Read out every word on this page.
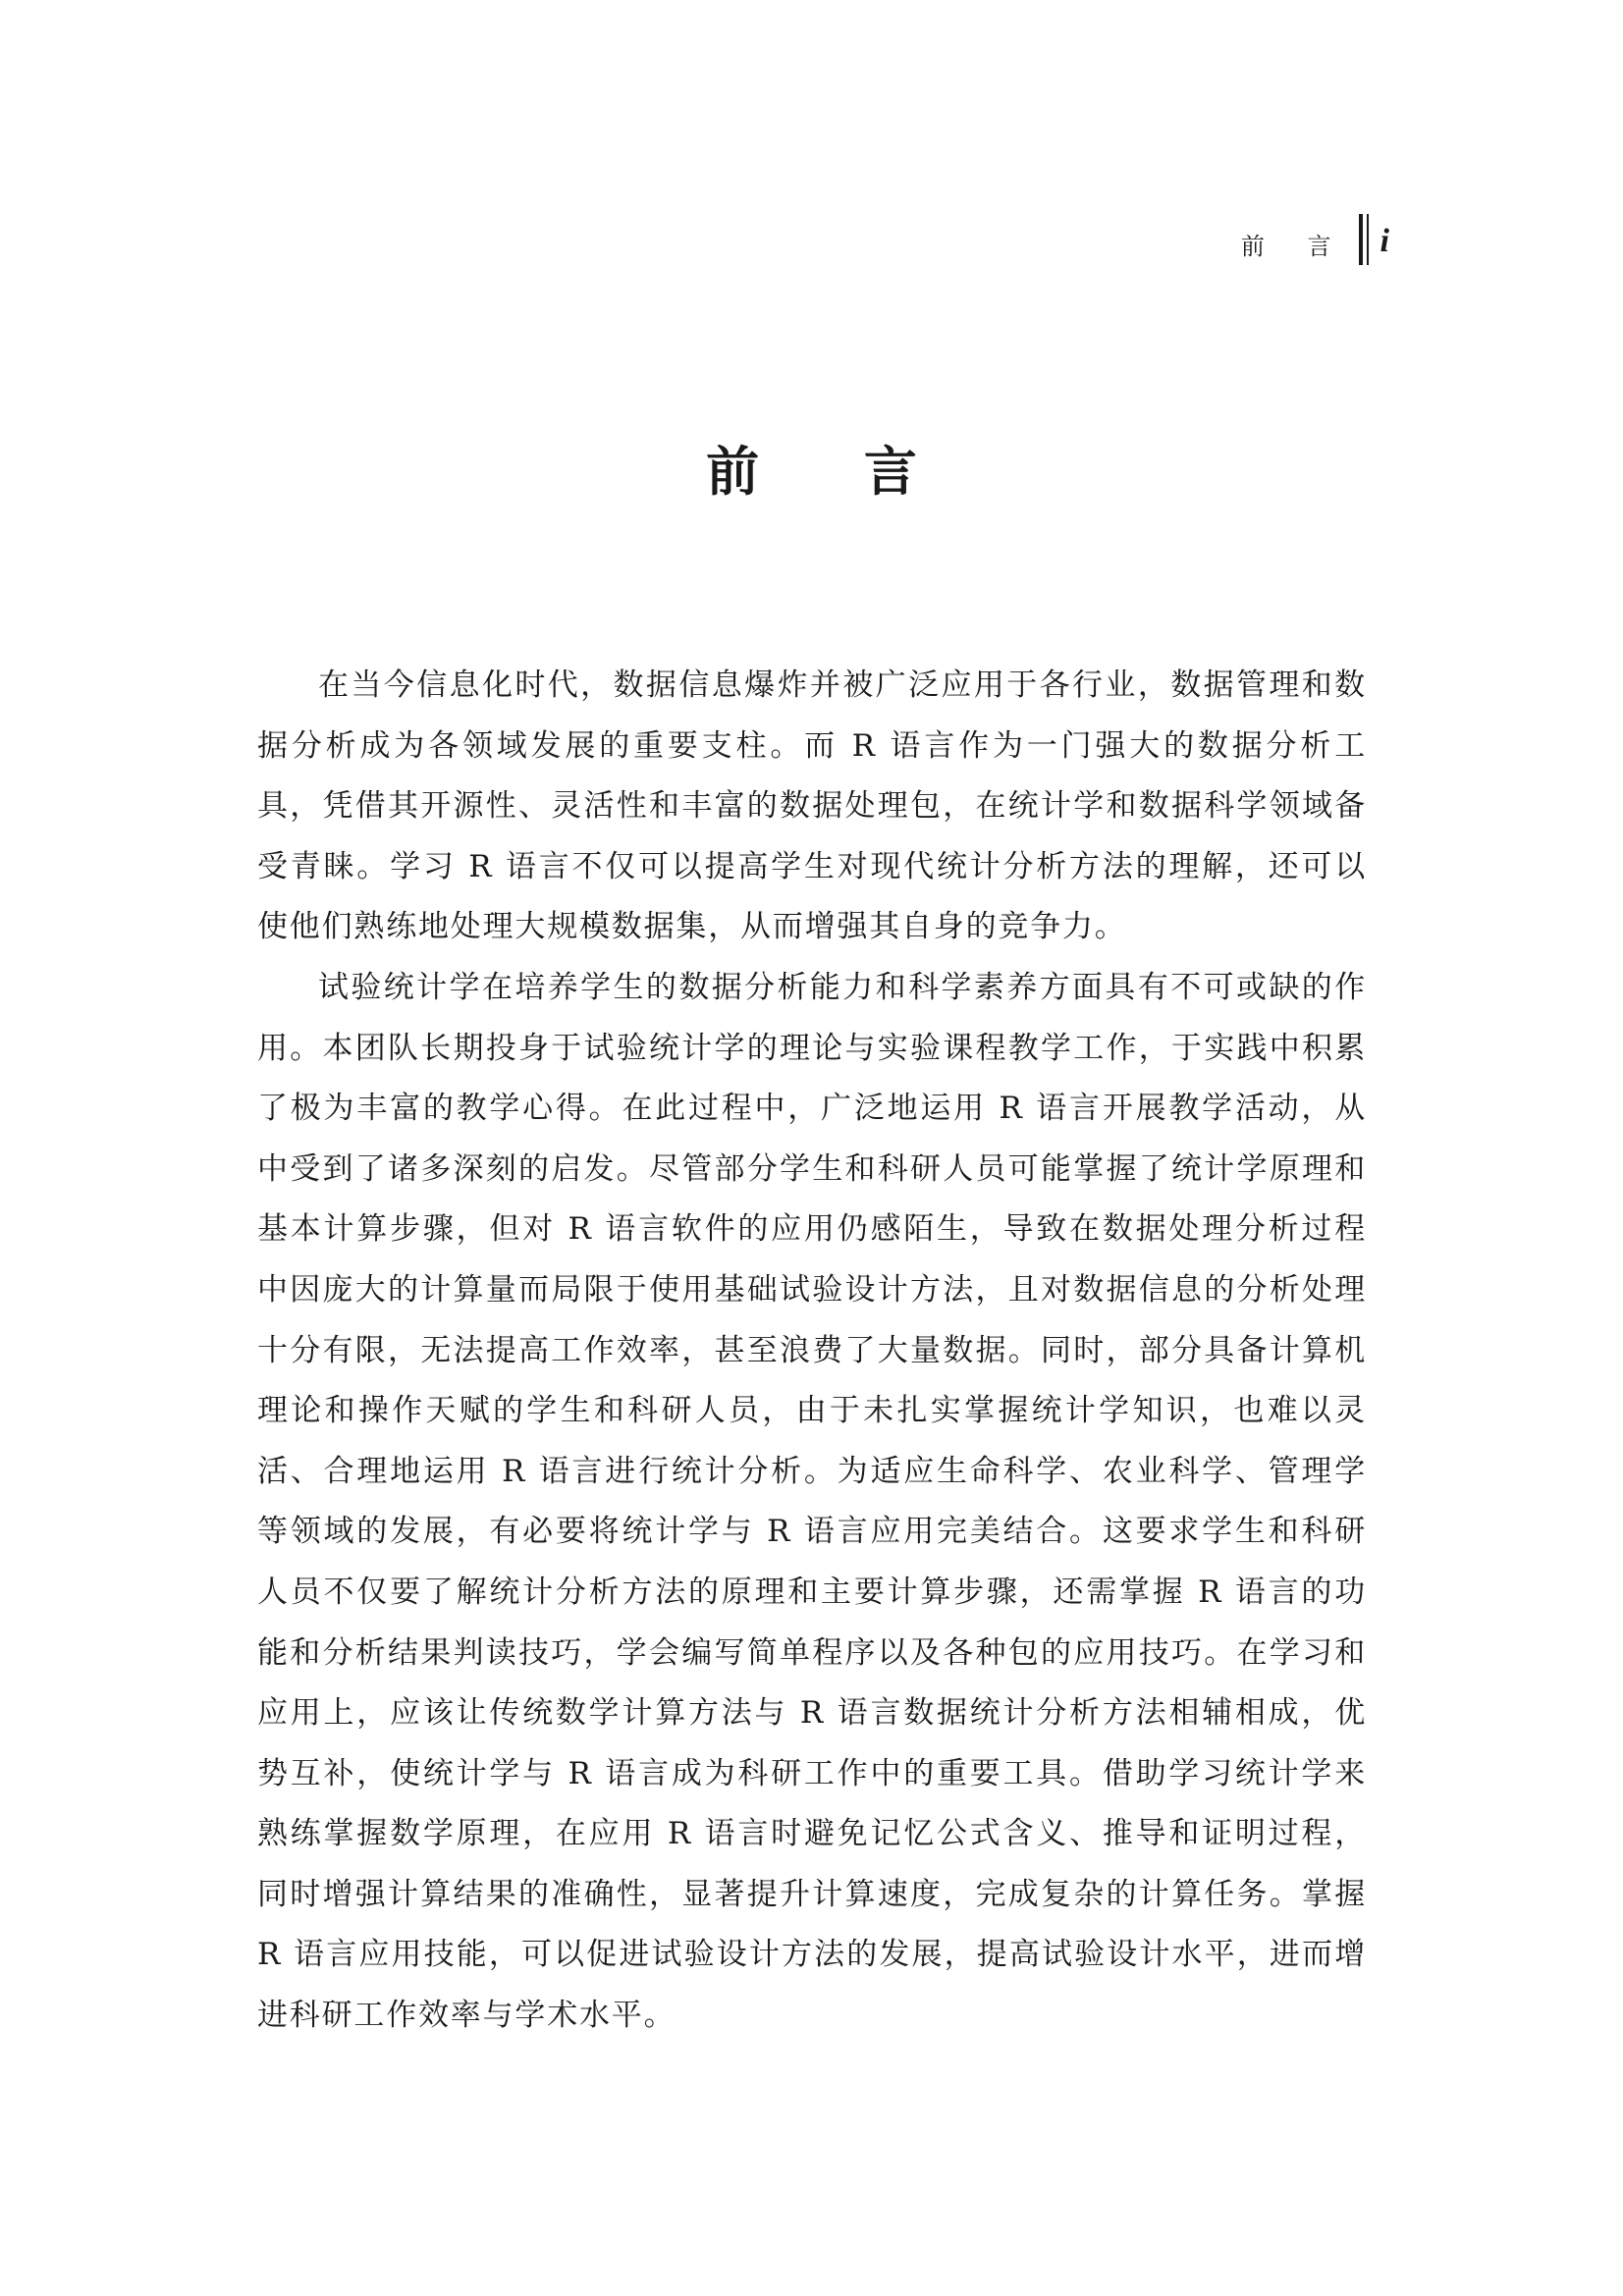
前 言 i
前 言

在当今信息化时代，数据信息爆炸并被广泛应用于各行业，数据管理和数据分析成为各领域发展的重要支柱。而 R 语言作为一门强大的数据分析工具，凭借其开源性、灵活性和丰富的数据处理包，在统计学和数据科学领域备受青睐。学习 R 语言不仅可以提高学生对现代统计分析方法的理解，还可以使他们熟练地处理大规模数据集，从而增强其自身的竞争力。

试验统计学在培养学生的数据分析能力和科学素养方面具有不可或缺的作用。本团队长期投身于试验统计学的理论与实验课程教学工作，于实践中积累了极为丰富的教学心得。在此过程中，广泛地运用 R 语言开展教学活动，从中受到了诸多深刻的启发。尽管部分学生和科研人员可能掌握了统计学原理和基本计算步骤，但对 R 语言软件的应用仍感陌生，导致在数据处理分析过程中因庞大的计算量而局限于使用基础试验设计方法，且对数据信息的分析处理十分有限，无法提高工作效率，甚至浪费了大量数据。同时，部分具备计算机理论和操作天赋的学生和科研人员，由于未扎实掌握统计学知识，也难以灵活、合理地运用 R 语言进行统计分析。为适应生命科学、农业科学、管理学等领域的发展，有必要将统计学与 R 语言应用完美结合。这要求学生和科研人员不仅要了解统计分析方法的原理和主要计算步骤，还需掌握 R 语言的功能和分析结果判读技巧，学会编写简单程序以及各种包的应用技巧。在学习和应用上，应该让传统数学计算方法与 R 语言数据统计分析方法相辅相成，优势互补，使统计学与 R 语言成为科研工作中的重要工具。借助学习统计学来熟练掌握数学原理，在应用 R 语言时避免记忆公式含义、推导和证明过程，同时增强计算结果的准确性，显著提升计算速度，完成复杂的计算任务。掌握 R 语言应用技能，可以促进试验设计方法的发展，提高试验设计水平，进而增进科研工作效率与学术水平。
